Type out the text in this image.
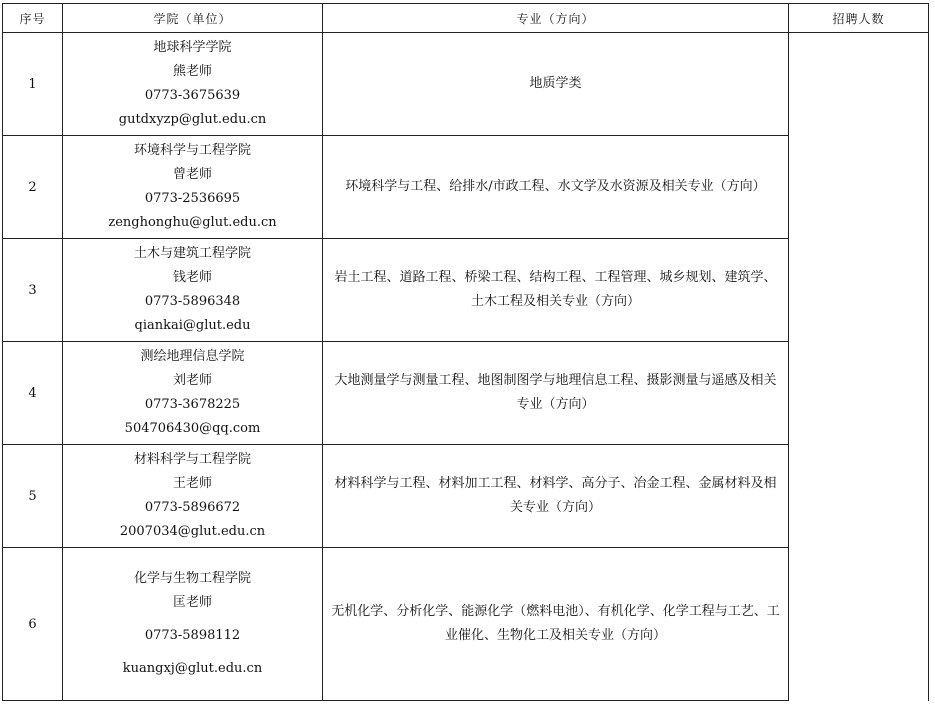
序号	学院（单位）	专业（方向）	招聘人数
1	地球科学学院
熊老师
0773-3675639
gutdxyzp@glut.edu.cn	地质学类	
2	环境科学与工程学院
曾老师
0773-2536695
zenghonghu@glut.edu.cn	环境科学与工程、给排水/市政工程、水文学及水资源及相关专业（方向）	
3	土木与建筑工程学院
钱老师
0773-5896348
qiankai@glut.edu	岩土工程、道路工程、桥梁工程、结构工程、工程管理、城乡规划、建筑学、土木工程及相关专业（方向）	
4	测绘地理信息学院
刘老师
0773-3678225
504706430@qq.com	大地测量学与测量工程、地图制图学与地理信息工程、摄影测量与遥感及相关专业（方向）	
5	材料科学与工程学院
王老师
0773-5896672
2007034@glut.edu.cn	材料科学与工程、材料加工工程、材料学、高分子、冶金工程、金属材料及相关专业（方向）	
6	化学与生物工程学院
匡老师
0773-5898112
kuangxj@glut.edu.cn	无机化学、分析化学、能源化学（燃料电池）、有机化学、化学工程与工艺、工业催化、生物化工及相关专业（方向）	
